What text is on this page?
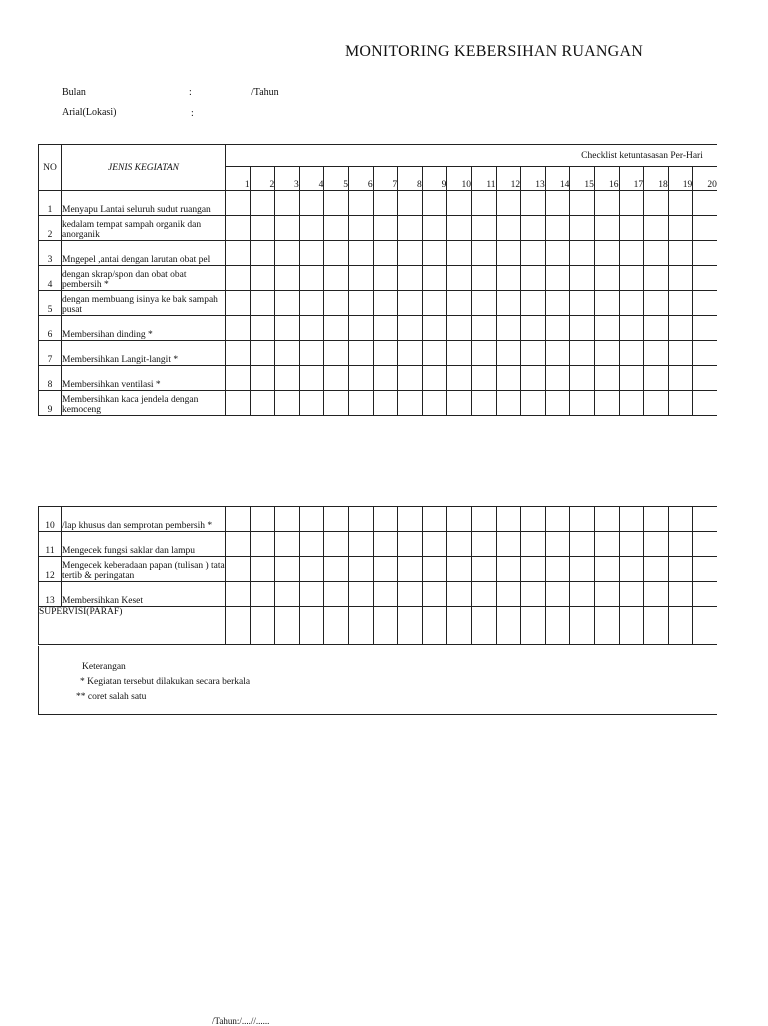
MONITORING KEBERSIHAN RUANGAN
Bulan	:	/Tahun
Arial(Lokasi)	:
NO	JENIS KEGIATAN	Checklist ketuntasasan Per-Hari																			
		1	2	3	4	5	6	7	8	9	10	11	12	13	14	15	16	17	18	19	20
1	Menyapu Lantai seluruh sudut ruangan																				
2	kedalam tempat sampah organik dan anorganik																				
3	Mngepel ,antai dengan larutan obat pel																				
4	dengan skrap/spon dan obat obat pembersih *																				
5	dengan membuang isinya ke bak sampah pusat																				
6	Membersihan dinding *																				
7	Membersihkan Langit-langit *																				
8	Membersihkan ventilasi *																				
9	Membersihkan kaca jendela dengan kemoceng																				
10	/lap khusus dan semprotan pembersih *																				
11	Mengecek fungsi saklar dan lampu																				
12	Mengecek keberadaan papan (tulisan ) tata tertib & peringatan																				
13	Membersihkan Keset																				
SUPERVISI(PARAF)																					
Keterangan
* Kegiatan tersebut dilakukan secara berkala
** coret salah satu
/Tahun:/....//......
